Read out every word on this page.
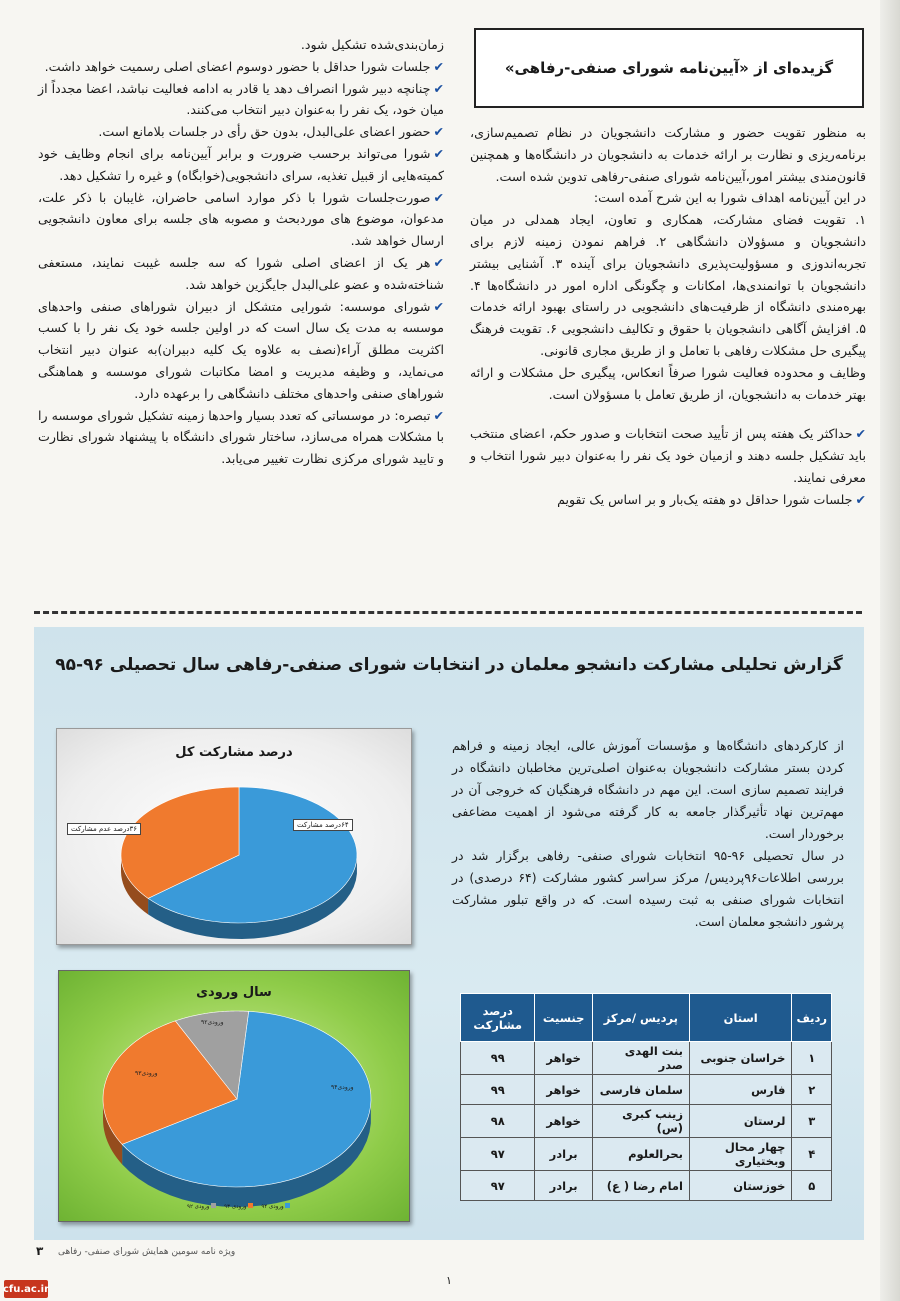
گزیده‌ای از «آیین‌نامه شورای صنفی-رفاهی»

به منظور تقویت حضور و مشارکت دانشجویان در نظام تصمیم‌سازی، برنامه‌ریزی و نظارت بر ارائه خدمات به دانشجویان در دانشگاه‌ها و همچنین قانون‌مندی بیشتر امور،آیین‌نامه شورای صنفی-رفاهی تدوین شده است.

در این آیین‌نامه اهداف شورا به این شرح آمده است:

۱. تقویت فضای مشارکت، همکاری و تعاون، ایجاد همدلی در میان دانشجویان و مسؤولان دانشگاهی ۲. فراهم نمودن زمینه لازم برای تجربه‌اندوزی و مسؤولیت‌پذیری دانشجویان برای آینده ۳. آشنایی بیشتر دانشجویان با توانمندی‌ها، امکانات و چگونگی اداره امور در دانشگاه‌ها ۴. بهره‌مندی دانشگاه از ظرفیت‌های دانشجویی در راستای بهبود ارائه خدمات ۵. افزایش آگاهی دانشجویان با حقوق و تکالیف دانشجویی ۶. تقویت فرهنگ پیگیری حل مشکلات رفاهی با تعامل و از طریق مجاری قانونی.

وظایف و محدوده فعالیت شورا صرفاً انعکاس، پیگیری حل مشکلات و ارائه بهتر خدمات به دانشجویان، از طریق تعامل با مسؤولان است.

✔حداکثر یک هفته پس از تأیید صحت انتخابات و صدور حکم، اعضای منتخب باید تشکیل جلسه دهند و ازمیان خود یک نفر را به‌عنوان دبیر شورا انتخاب و معرفی نمایند.

✔جلسات شورا حداقل دو هفته یک‌بار و بر اساس یک تقویم

زمان‌بندی‌شده تشکیل شود.

✔جلسات شورا حداقل با حضور دوسوم اعضای اصلی رسمیت خواهد داشت.

✔چنانچه دبیر شورا انصراف دهد یا قادر به ادامه فعالیت نباشد، اعضا مجدداً از میان خود، یک نفر را به‌عنوان دبیر انتخاب می‌کنند.

✔حضور اعضای علی‌البدل، بدون حق رأی در جلسات بلامانع است.

✔شورا می‌تواند برحسب ضرورت و برابر آیین‌نامه برای انجام وظایف خود کمیته‌هایی از قبیل تغذیه، سرای دانشجویی(خوابگاه) و غیره را تشکیل دهد.

✔صورت‌جلسات شورا با ذکر موارد اسامی حاضران، غایبان با ذکر علت، مدعوان، موضوع های موردبحث و مصوبه های جلسه برای معاون دانشجویی ارسال خواهد شد.

✔هر یک از اعضای اصلی شورا که سه جلسه غیبت نمایند، مستعفی شناخته‌شده و عضو علی‌البدل جایگزین خواهد شد.

✔شورای موسسه: شورایی متشکل از دبیران شوراهای صنفی واحدهای موسسه به مدت یک سال است که در اولین جلسه خود یک نفر را با کسب اکثریت مطلق آراء(نصف به علاوه یک کلیه دبیران)به عنوان دبیر انتخاب می‌نماید، و وظیفه مدیریت و امضا مکاتبات شورای موسسه و هماهنگی شوراهای صنفی واحدهای مختلف دانشگاهی را برعهده دارد.

✔تبصره: در موسساتی که تعدد بسیار واحدها زمینه تشکیل شورای موسسه را با مشکلات همراه می‌سازد، ساختار شورای دانشگاه با پیشنهاد شورای نظارت و تایید شورای مرکزی نظارت تغییر می‌یابد.

گزارش تحلیلی مشارکت دانشجو معلمان در انتخابات شورای صنفی-رفاهی سال تحصیلی ۹۶-۹۵

از کارکردهای دانشگاه‌ها و مؤسسات آموزش عالی، ایجاد زمینه و فراهم کردن بستر مشارکت دانشجویان به‌عنوان اصلی‌ترین مخاطبان دانشگاه در فرایند تصمیم سازی است. این مهم در دانشگاه فرهنگیان که خروجی آن در مهم‌ترین نهاد تأثیرگذار جامعه به کار گرفته می‌شود از اهمیت مضاعفی برخوردار است.

در سال تحصیلی ۹۶-۹۵ انتخابات شورای صنفی- رفاهی برگزار شد در بررسی اطلاعات۹۶پردیس/ مرکز سراسر کشور مشارکت (۶۴ درصدی) در انتخابات شورای صنفی به ثبت رسیده است. که در واقع تبلور مشارکت پرشور دانشجو معلمان است.

درصد مشارکت کل
۶۴درصد مشارکت
۳۶درصد عدم مشارکت
سال ورودی
ورودی۹۴
ورودی۹۳
ورودی۹۲
ورودی ۹۴
ورودی ۹۳
ورودی ۹۲
ردیف	استان	پردیس /مرکز	جنسیت	درصد مشارکت
۱	خراسان جنوبی	بنت الهدی صدر	خواهر	۹۹
۲	فارس	سلمان فارسی	خواهر	۹۹
۳	لرستان	زینب کبری (س)	خواهر	۹۸
۴	چهار محال وبختیاری	بحرالعلوم	برادر	۹۷
۵	خوزستان	امام رضا ( ع)	برادر	۹۷
۳ ویژه نامه سومین همایش شورای صنفی- رفاهی
۱
cfu.ac.ir
